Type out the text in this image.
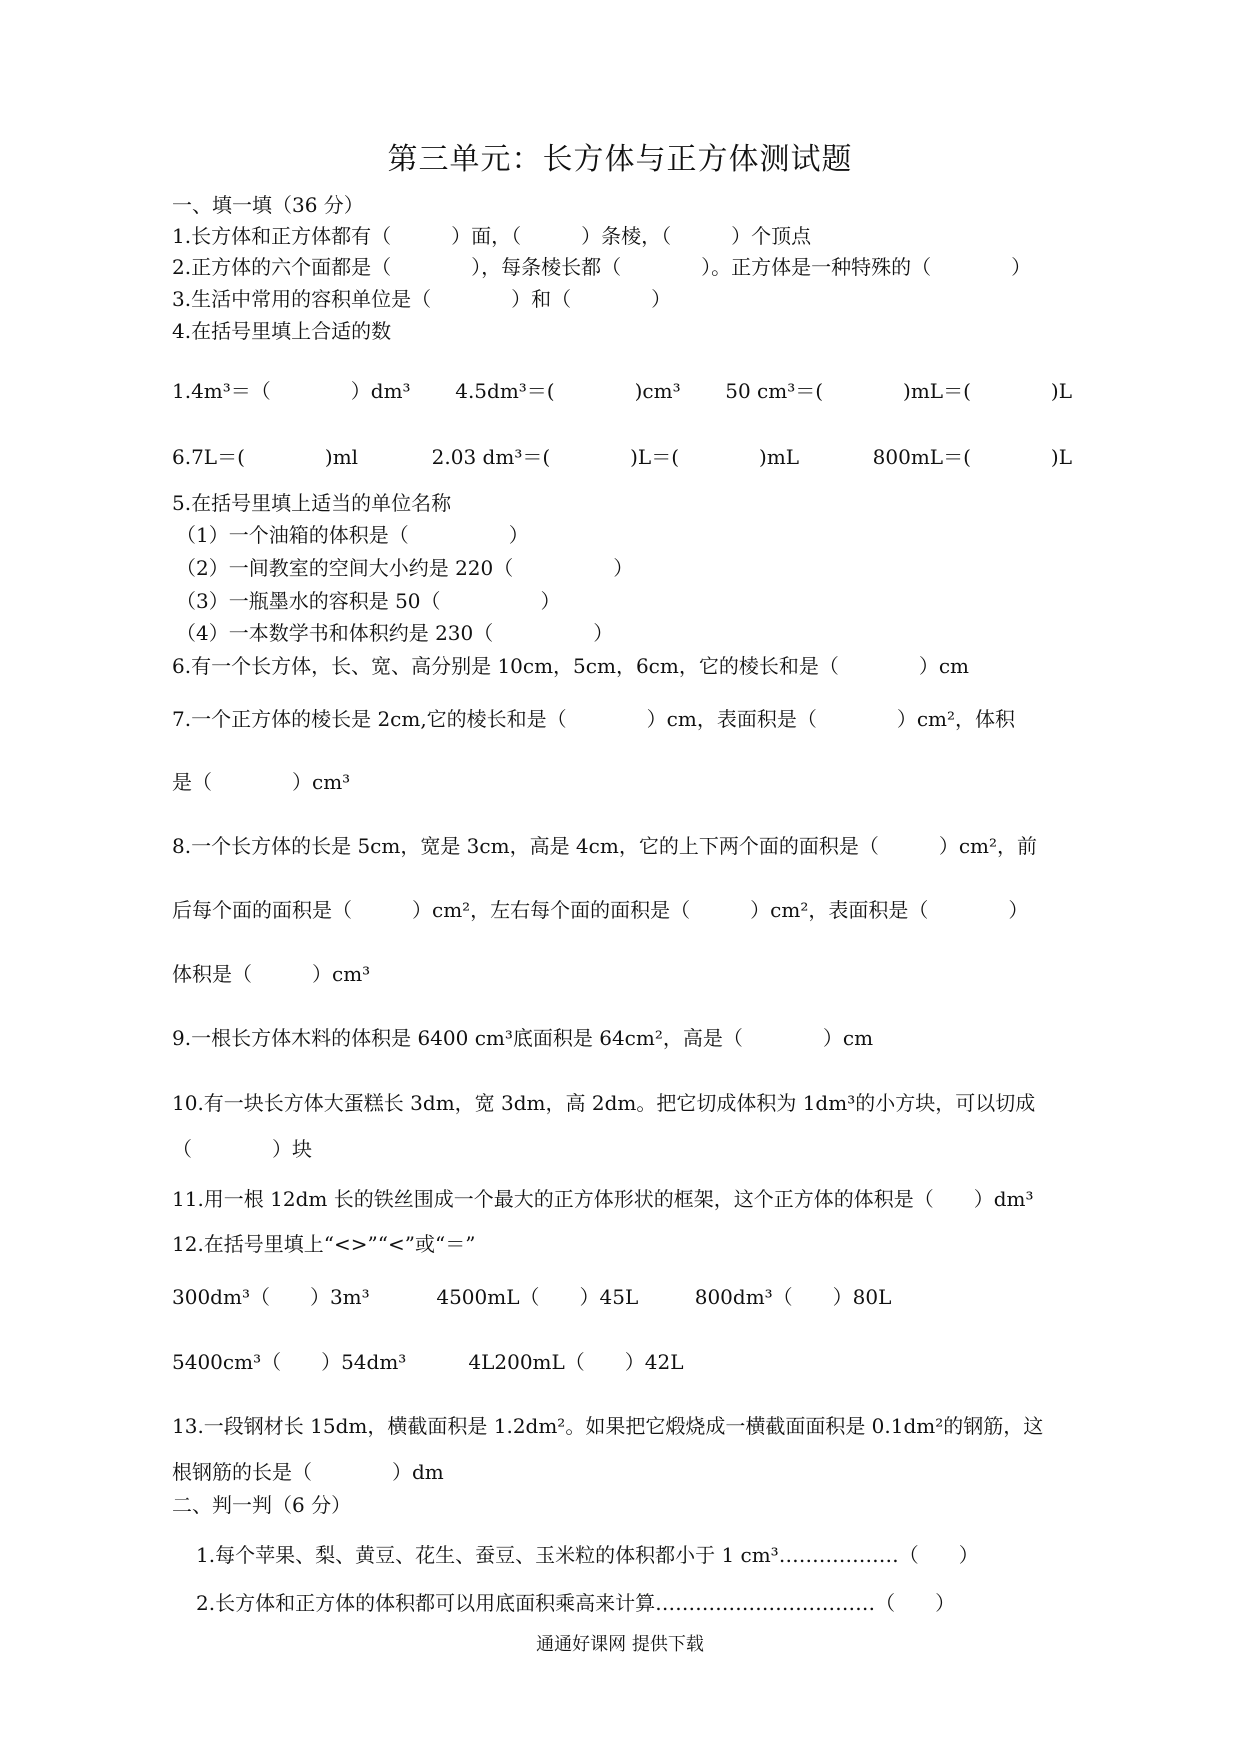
第三单元：长方体与正方体测试题
一、填一填（36 分）
1.长方体和正方体都有（　　　）面，（　　　）条棱，（　　　）个顶点
2.正方体的六个面都是（　　　　），每条棱长都（　　　　）。正方体是一种特殊的（　　　　）
3.生活中常用的容积单位是（　　　　）和（　　　　）
4.在括号里填上合适的数
1.4m³＝（　　　　）dm³ 4.5dm³＝(　　　　)cm³ 50 cm³＝(　　　　)mL＝(　　　　)L
6.7L＝(　　　　)ml	2.03 dm³＝(　　　　)L＝(　　　　)mL	800mL＝(　　　　)L
5.在括号里填上适当的单位名称
（1）一个油箱的体积是（　　　　　）
（2）一间教室的空间大小约是 220（　　　　　）
（3）一瓶墨水的容积是 50（　　　　　）
（4）一本数学书和体积约是 230（　　　　　）
6.有一个长方体，长、宽、高分别是 10cm，5cm，6cm，它的棱长和是（　　　　）cm
7.一个正方体的棱长是 2cm,它的棱长和是（　　　　）cm，表面积是（　　　　）cm²，体积
是（　　　　）cm³
8.一个长方体的长是 5cm，宽是 3cm，高是 4cm，它的上下两个面的面积是（　　　）cm²，前
后每个面的面积是（　　　）cm²，左右每个面的面积是（　　　）cm²，表面积是（　　　　）
体积是（　　　）cm³
9.一根长方体木料的体积是 6400 cm³底面积是 64cm²，高是（　　　　）cm
10.有一块长方体大蛋糕长 3dm，宽 3dm，高 2dm。把它切成体积为 1dm³的小方块，可以切成
（　　　　）块
11.用一根 12dm 长的铁丝围成一个最大的正方体形状的框架，这个正方体的体积是（　　）dm³
12.在括号里填上“<>”“<”或“＝”
300dm³（　　）3m³	4500mL（　　）45L	800dm³（　　）80L
5400cm³（　　）54dm³	4L200mL（　　）42L
13.一段钢材长 15dm，横截面积是 1.2dm²。如果把它煅烧成一横截面面积是 0.1dm²的钢筋，这
根钢筋的长是（　　　　）dm
二、判一判（6 分）
1.每个苹果、梨、黄豆、花生、蚕豆、玉米粒的体积都小于 1 cm³………………（　　）
2.长方体和正方体的体积都可以用底面积乘高来计算……………………………（　　）
通通好课网 提供下载
